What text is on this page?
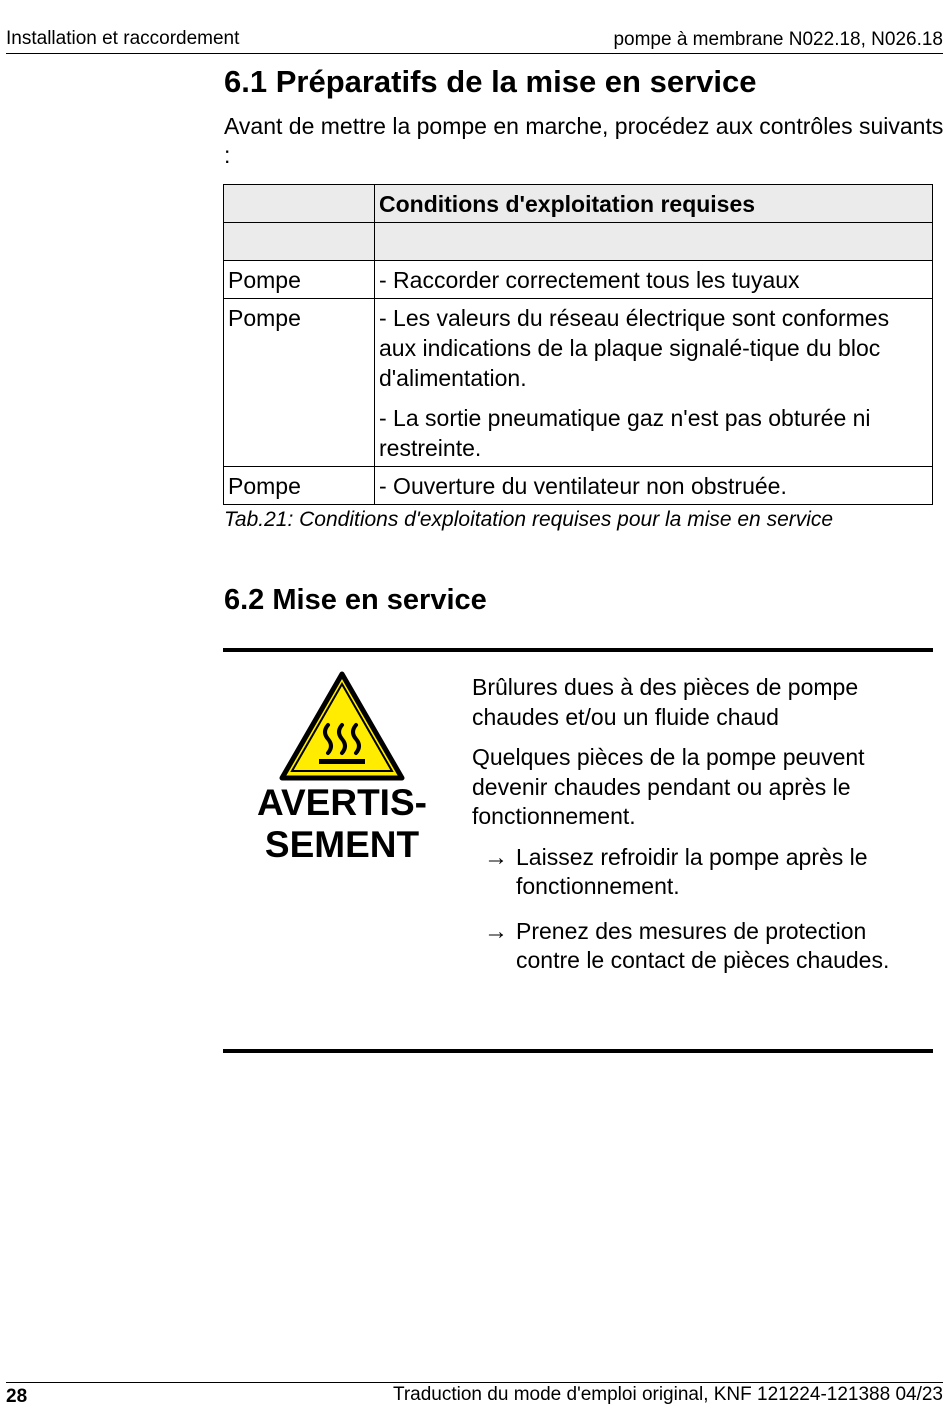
Installation et raccordement	pompe à membrane N022.18, N026.18
6.1 Préparatifs de la mise en service
Avant de mettre la pompe en marche, procédez aux contrôles suivants :
	Conditions d'exploitation requises

Pompe	- Raccorder correctement tous les tuyaux

Pompe	- Les valeurs du réseau électrique sont conformes aux indications de la plaque signalé-tique du bloc d'alimentation.

- La sortie pneumatique gaz n'est pas obturée ni restreinte.

Pompe	- Ouverture du ventilateur non obstruée.

Tab.21: Conditions d'exploitation requises pour la mise en service
6.2 Mise en service
AVERTIS-
SEMENT

Brûlures dues à des pièces de pompe chaudes et/ou un fluide chaud

Quelques pièces de la pompe peuvent devenir chaudes pendant ou après le fonctionnement.

→ Laissez refroidir la pompe après le fonctionnement.
→ Prenez des mesures de protection contre le contact de pièces chaudes.
28	Traduction du mode d'emploi original, KNF 121224-121388 04/23
